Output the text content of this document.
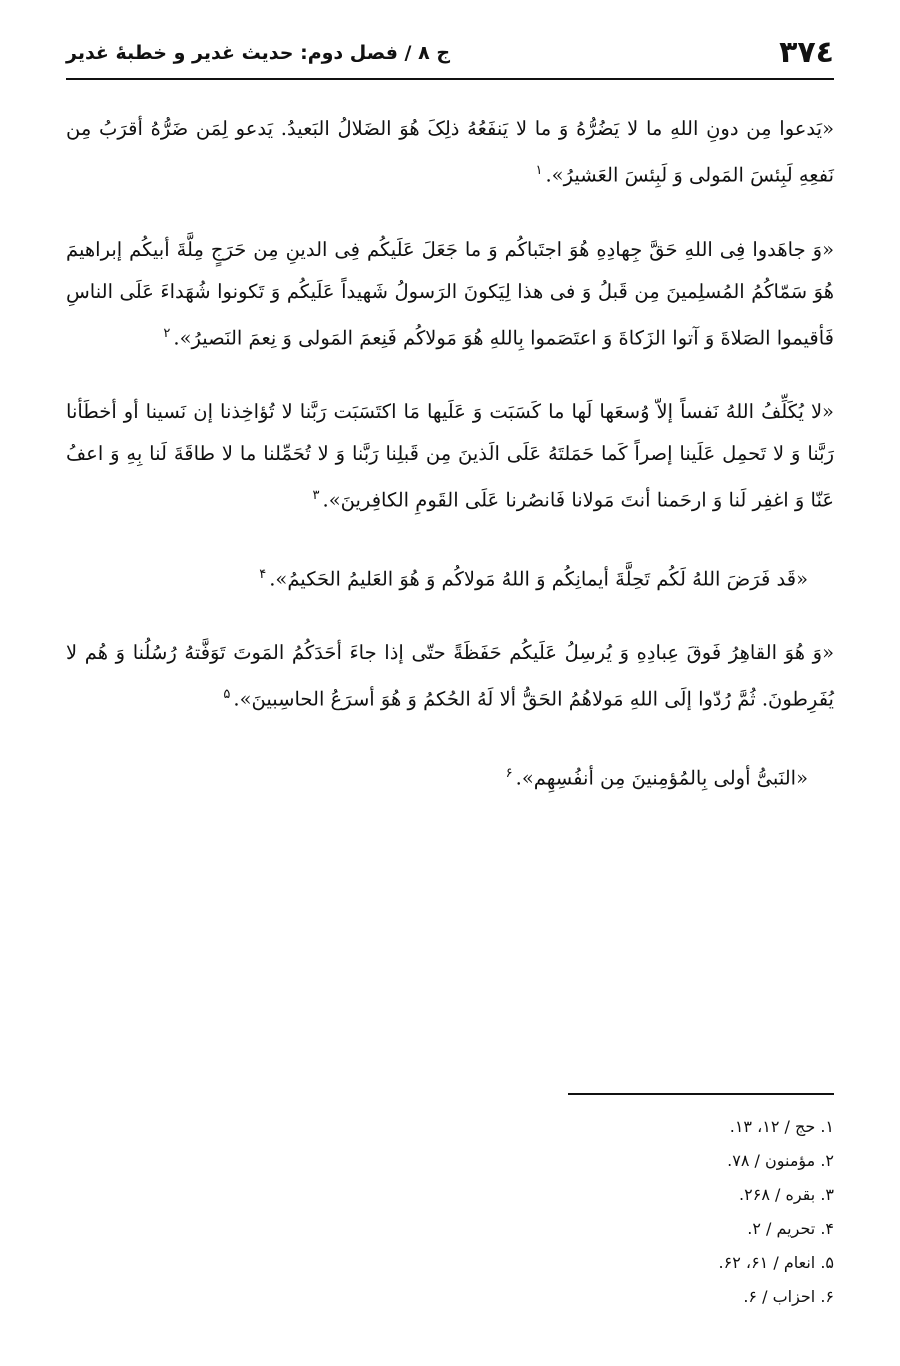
٣٧٤
ج ٨ / فصل دوم: حديث غدير و خطبهٔ غدير

«يَدعوا مِن دونِ اللهِ ما لا يَضُرُّهُ وَ ما لا يَنفَعُهُ ذلِکَ هُوَ الضَلالُ البَعيدُ. يَدعو لِمَن ضَرُّهُ أقرَبُ مِن نَفعِهِ لَبِئسَ المَولى وَ لَبِئسَ العَشيرُ».$^١$

«وَ جاهَدوا فِى اللهِ حَقَّ جِهادِهِ هُوَ اجتَباکُم وَ ما جَعَلَ عَلَيکُم فِى الدينِ مِن حَرَجٍ مِلَّةَ أبيکُم إبراهيمَ هُوَ سَمّاکُمُ المُسلِمينَ مِن قَبلُ وَ فى هذا لِيَکونَ الرَسولُ شَهيداً عَلَيکُم وَ تَکونوا شُهَداءَ عَلَى الناسِ فَأقيموا الصَلاةَ وَ آتوا الزَکاةَ وَ اعتَصَموا بِاللهِ هُوَ مَولاکُم فَنِعمَ المَولى وَ نِعمَ النَصيرُ».$^٢$

«لا يُکَلِّفُ اللهُ نَفساً إلاّ وُسعَها لَها ما کَسَبَت وَ عَلَيها مَا اکتَسَبَت رَبَّنا لا تُؤاخِذنا إن نَسينا أو أخطَأنا رَبَّنا وَ لا تَحمِل عَلَينا إصراً کَما حَمَلتَهُ عَلَى الَذينَ مِن قَبلِنا رَبَّنا وَ لا تُحَمِّلنا ما لا طاقَةَ لَنا بِهِ وَ اعفُ عَنّا وَ اغفِر لَنا وَ ارحَمنا أنتَ مَولانا فَانصُرنا عَلَى القَومِ الکافِرينَ».$^٣$

«قَد فَرَضَ اللهُ لَکُم تَحِلَّةَ أيمانِکُم وَ اللهُ مَولاکُم وَ هُوَ العَليمُ الحَکيمُ».$^۴$

«وَ هُوَ القاهِرُ فَوقَ عِبادِهِ وَ يُرسِلُ عَلَيکُم حَفَظَةً حتّى إذا جاءَ أحَدَکُمُ المَوتَ تَوَفَّتهُ رُسُلُنا وَ هُم لا يُفَرِطونَ. ثُمَّ رُدّوا إلَى اللهِ مَولاهُمُ الحَقُّ ألا لَهُ الحُکمُ وَ هُوَ أسرَعُ الحاسِبينَ».$^۵$

«النَبىُّ أولى بِالمُؤمِنينَ مِن أنفُسِهِم».$^۶$

١. حج / ١٢، ١٣.
٢. مؤمنون / ٧٨.
٣. بقره / ٢۶٨.
۴. تحريم / ٢.
۵. انعام / ۶١، ۶٢.
۶. احزاب / ۶.
